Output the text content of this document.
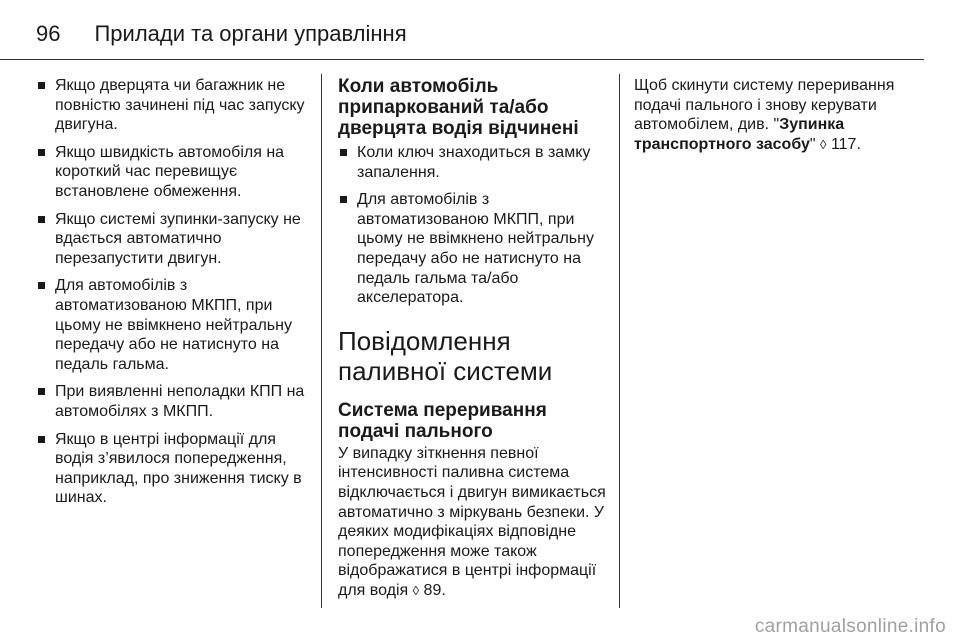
96 Прилади та органи управління
Якщо дверцята чи багажник не повністю зачинені під час запуску двигуна.
Якщо швидкість автомобіля на короткий час перевищує встановлене обмеження.
Якщо системі зупинки-запуску не вдається автоматично перезапустити двигун.
Для автомобілів з автоматизованою МКПП, при цьому не ввімкнено нейтральну передачу або не натиснуто на педаль гальма.
При виявленні неполадки КПП на автомобілях з МКПП.
Якщо в центрі інформації для водія з’явилося попередження, наприклад, про зниження тиску в шинах.
Коли автомобіль припаркований та/або дверцята водія відчинені
Коли ключ знаходиться в замку запалення.
Для автомобілів з автоматизованою МКПП, при цьому не ввімкнено нейтральну передачу або не натиснуто на педаль гальма та/або акселератора.
Повідомлення паливної системи
Система переривання подачі пального

У випадку зіткнення певної інтенсивності паливна система відключається і двигун вимикається автоматично з міркувань безпеки. У деяких модифікаціях відповідне попередження може також відображатися в центрі інформації для водія ◊ 89.

Щоб скинути систему переривання подачі пального і знову керувати автомобілем, див. "Зупинка транспортного засобу" ◊ 117.

carmanualsonline.info
